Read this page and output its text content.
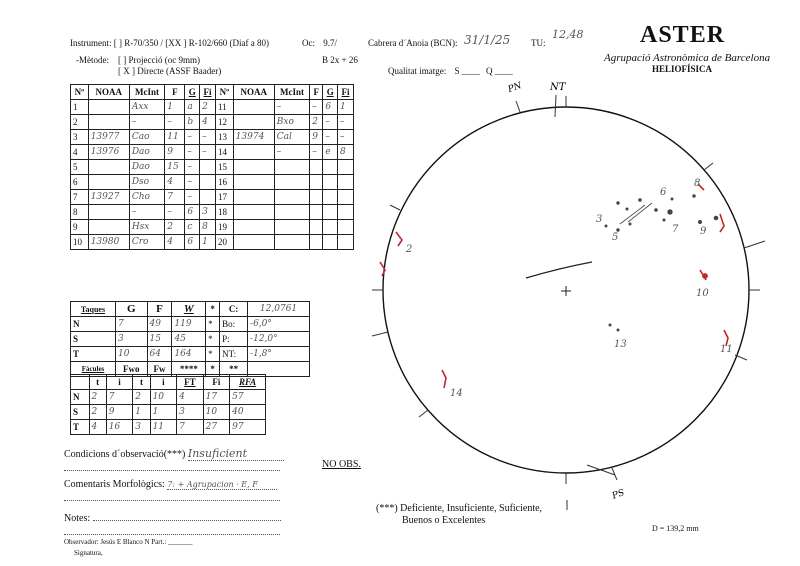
Instrument: [ ] R-70/350 / [XX ] R-102/660 (Diaf a 80)	Oc: 9.7/	Cabrera d´Anoia (BCN): 31/1/25 TU:
12,48
-Mètode: [ ] Projecció (oc 9mm)
[ X ] Directe (ASSF Baader)
B 2x + 26
Qualitat imatge: S ____ Q ____
ASTER
Agrupació Astronòmica de Barcelona
HELIOFÍSICA
Nº	NOAA	McInt	F	G	Fi	Nº	NOAA	McInt	F	G	Fi
1		Axx	1	a	2	11		–	–	6	1
2		–	–	b	4	12		Bxo	2	–	–
3	13977	Cao	11	–	–	13	13974	Cal	9	–	–
4	13976	Dao	9	–	–	14		–	–	e	8
5		Dao	15	–		15					
6		Dso	4	–		16					
7	13927	Cho	7	–		17					
8		–	–	6	3	18					
9		Hsx	2	c	8	19					
10	13980	Cro	4	6	1	20					
Taques	G	F	W	*	C:	12,0761
N	7	49	119	*	Bo:	-6,0°
S	3	15	45	*	P:	-12,0°
T	10	64	164	*	NT:	-1,8°
Fàcules	Fwo	Fw	****	*	**	
	t	i	t	i	FT	Fi	RFA
N	2	7	2	10	4	17	57
S	2	9	1	1	3	10	40
T	4	16	3	11	7	27	97
Condicions d´observació(***) Insuficient
NO OBS.
Comentaris Morfològics: 7: + Agrupacion · E, F
Notes:
Observador: Jesús E Blanco N Part.: _______
Signatura,
(***) Deficiente, Insuficiente, Suficiente,
Buenos o Excelentes
D = 139,2 mm
PN	NT
PS
6
8
3
7 9
10
13	11
14
5
2
